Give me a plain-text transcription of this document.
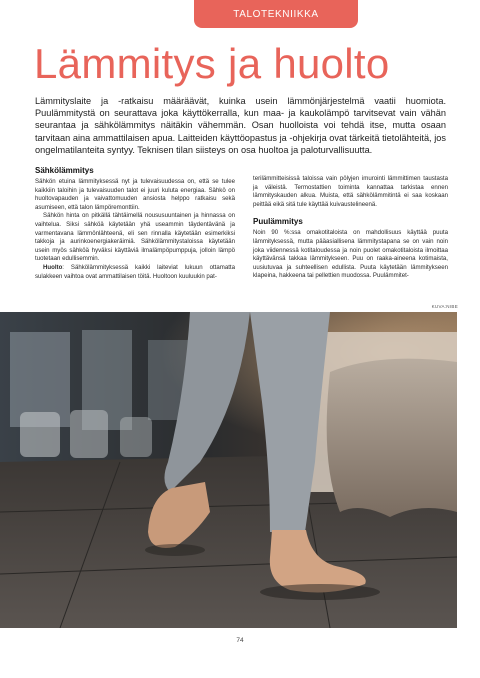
TALOTEKNIIKKA
Lämmitys ja huolto

Lämmityslaite ja -ratkaisu määräävät, kuinka usein lämmönjärjestelmä vaatii huomiota. Puulämmitystä on seurattava joka käyttökerralla, kun maa- ja kaukolämpö tarvitsevat vain vähän seurantaa ja sähkölämmitys näitäkin vähemmän. Osan huolloista voi tehdä itse, mutta osaan tarvitaan aina ammattilaisen apua. Laitteiden käyttöopastus ja -ohjekirja ovat tärkeitä tietolähteitä, jos ongelmatilanteita syntyy. Teknisen tilan siisteys on osa huoltoa ja paloturvallisuutta.

Sähkölämmitys

Sähkön etuina lämmityksessä nyt ja tulevaisuudessa on, että se tulee kaikkiin taloihin ja tulevaisuuden talot ei juuri kuluta energiaa. Sähkö on huoltovapauden ja vaivattomuuden ansiosta helppo ratkaisu sekä asumiseen, että talon lämpöremonttiin.

Sähkön hinta on pitkällä tähtäimellä noususuuntainen ja hinnassa on vaihtelua. Siksi sähköä käytetään yhä useammin täydentävänä ja varmentavana lämmönlähteenä, eli sen rinnalla käytetään esimerkiksi takkoja ja aurinkoenergiakeräimiä. Sähkölämmitystaloissa käytetään usein myös sähköä hyväksi käyttäviä ilmalämpöpumppuja, jolloin lämpö tuotetaan edullisemmin.

Huolto: Sähkölämmityksessä kaikki laiteviat lukuun ottamatta sulakkeen vaihtoa ovat ammattilaisen töitä. Huoltoon kuuluukin pat-

terilämmitteisissä taloissa vain pölyjen imurointi lämmittimen taustasta ja väleistä. Termostattien toiminta kannattaa tarkistaa ennen lämmityskauden alkua. Muista, että sähkölämmitintä ei saa koskaan peittää eikä sitä tule käyttää kuivaustelineenä.

Puulämmitys

Noin 90 %:ssa omakotitaloista on mahdollisuus käyttää puuta lämmityksessä, mutta pääasiallisena lämmitystapana se on vain noin joka viidennessä kotitaloudessa ja noin puolet omakotitaloista ilmoittaa käyttävänsä takkaa lämmitykseen. Puu on raaka-aineena kotimaista, uusiutuvaa ja suhteellisen edullista. Puuta käytetään lämmitykseen klapeina, hakkeena tai pellettien muodossa. Puulämmitet-

KUVA:NIBE
74
